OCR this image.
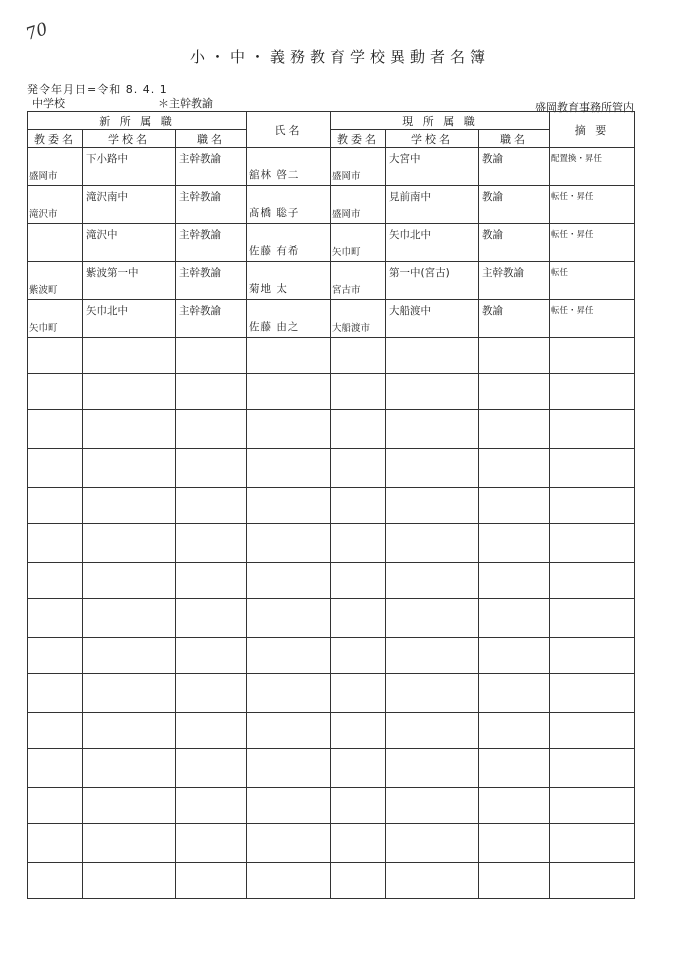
70
小・中・義務教育学校異動者名簿
発令年月日=令和 8. 4. 1
中学校	＊主幹教諭	盛岡教育事務所管内
新 所 属 職			氏名	現 所 属 職			摘 要
教委名	学校名	職名		教委名	学校名	職名	

盛岡市	下小路中	主幹教諭	舘林 啓二	盛岡市	大宮中	教諭	配置換・昇任

滝沢市	滝沢南中	主幹教諭	髙橋 聡子	盛岡市	見前南中	教諭	転任・昇任

	滝沢中	主幹教諭	佐藤 有希	矢巾町	矢巾北中	教諭	転任・昇任

紫波町	紫波第一中	主幹教諭	菊地 太	宮古市	第一中(宮古)	主幹教諭	転任

矢巾町	矢巾北中	主幹教諭	佐藤 由之	大船渡市	大船渡中	教諭	転任・昇任
